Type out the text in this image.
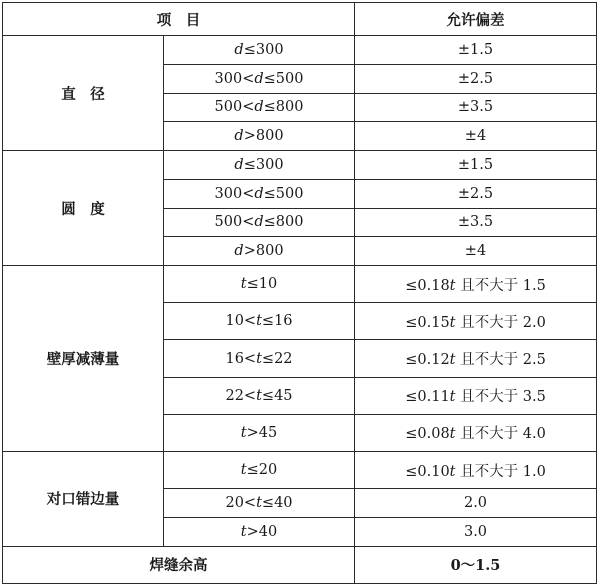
项　目		允许偏差
直　径	d≤300	±1.5
	300<d≤500	±2.5
	500<d≤800	±3.5
	d>800	±4
圆　度	d≤300	±1.5
	300<d≤500	±2.5
	500<d≤800	±3.5
	d>800	±4
壁厚减薄量	t≤10	≤0.18t 且不大于 1.5
	10<t≤16	≤0.15t 且不大于 2.0
	16<t≤22	≤0.12t 且不大于 2.5
	22<t≤45	≤0.11t 且不大于 3.5
	t>45	≤0.08t 且不大于 4.0
对口错边量	t≤20	≤0.10t 且不大于 1.0
	20<t≤40	2.0
	t>40	3.0
焊缝余高		0～1.5
